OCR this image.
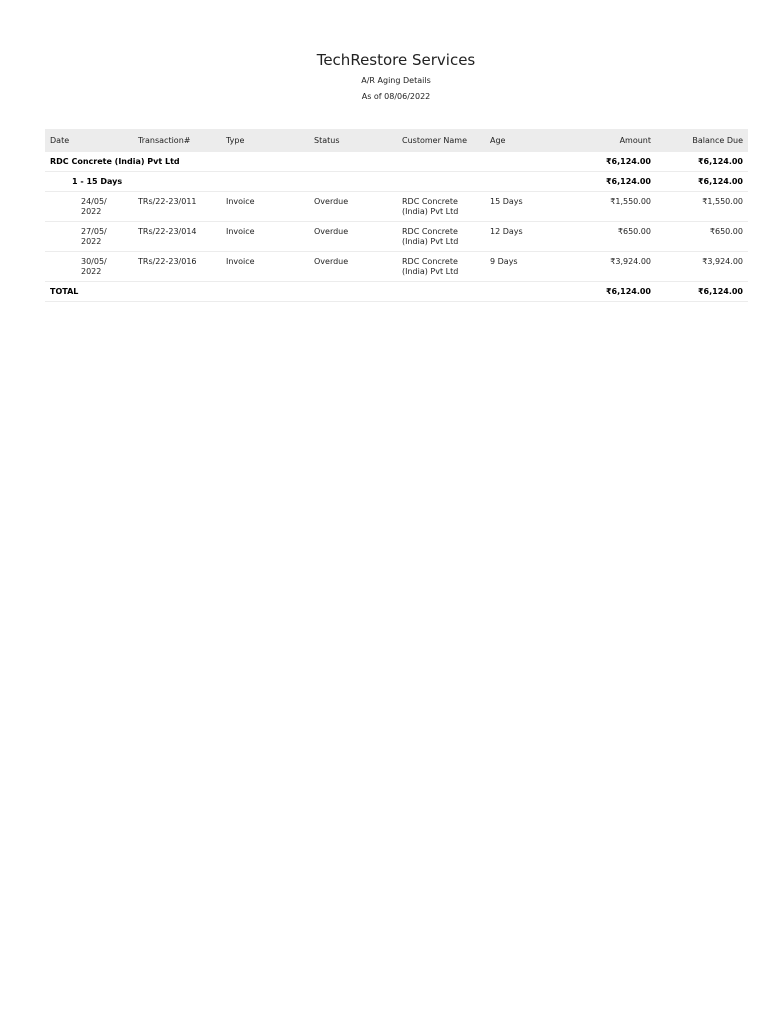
TechRestore Services
A/R Aging Details
As of 08/06/2022
Date	Transaction#	Type	Status	Customer Name	Age	Amount	Balance Due
RDC Concrete (India) Pvt Ltd						₹6,124.00	₹6,124.00
1 - 15 Days						₹6,124.00	₹6,124.00
24/05/2022	TRs/22-23/011	Invoice	Overdue	RDC Concrete (India) Pvt Ltd	15 Days	₹1,550.00	₹1,550.00
27/05/2022	TRs/22-23/014	Invoice	Overdue	RDC Concrete (India) Pvt Ltd	12 Days	₹650.00	₹650.00
30/05/2022	TRs/22-23/016	Invoice	Overdue	RDC Concrete (India) Pvt Ltd	9 Days	₹3,924.00	₹3,924.00
TOTAL						₹6,124.00	₹6,124.00
